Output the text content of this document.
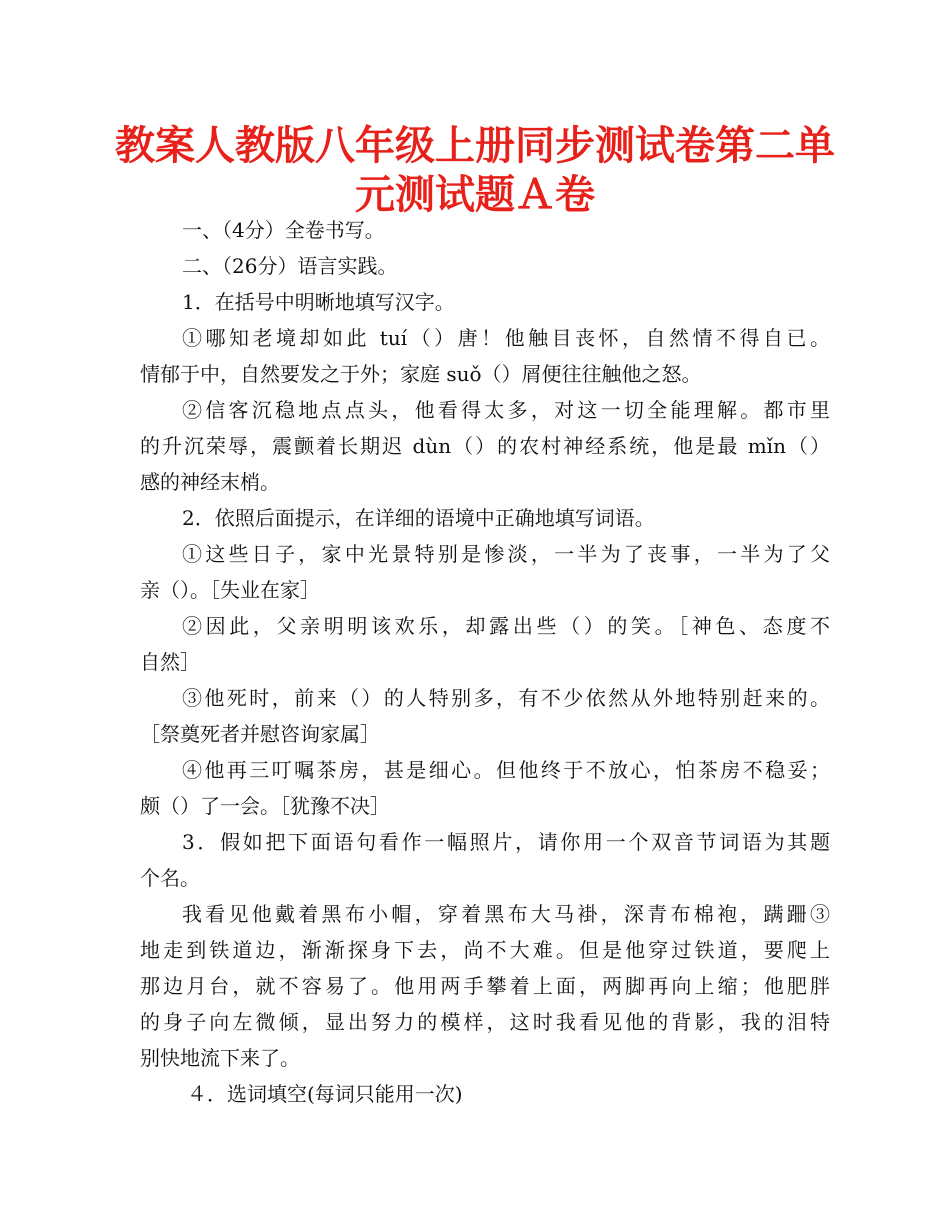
教案人教版八年级上册同步测试卷第二单
元测试题Ａ卷

一、（4分）全卷书写。

二、（26分）语言实践。

1．在括号中明晰地填写汉字。

①哪知老境却如此 tuí（）唐！他触目丧怀，自然情不得自已。

情郁于中，自然要发之于外；家庭 suǒ（）屑便往往触他之怒。

②信客沉稳地点点头，他看得太多，对这一切全能理解。都市里

的升沉荣辱，震颤着长期迟 dùn（）的农村神经系统，他是最 mǐn（）

感的神经末梢。

2．依照后面提示，在详细的语境中正确地填写词语。

①这些日子，家中光景特别是惨淡，一半为了丧事，一半为了父

亲（）。［失业在家］

②因此，父亲明明该欢乐，却露出些（）的笑。［神色、态度不

自然］

③他死时，前来（）的人特别多，有不少依然从外地特别赶来的。

［祭奠死者并慰咨询家属］

④他再三叮嘱茶房，甚是细心。但他终于不放心，怕茶房不稳妥；

颇（）了一会。［犹豫不决］

3．假如把下面语句看作一幅照片，请你用一个双音节词语为其题

个名。

我看见他戴着黑布小帽，穿着黑布大马褂，深青布棉袍，蹒跚③

地走到铁道边，渐渐探身下去，尚不大难。但是他穿过铁道，要爬上

那边月台，就不容易了。他用两手攀着上面，两脚再向上缩；他肥胖

的身子向左微倾，显出努力的模样，这时我看见他的背影，我的泪特

别快地流下来了。

４．选词填空(每词只能用一次)
